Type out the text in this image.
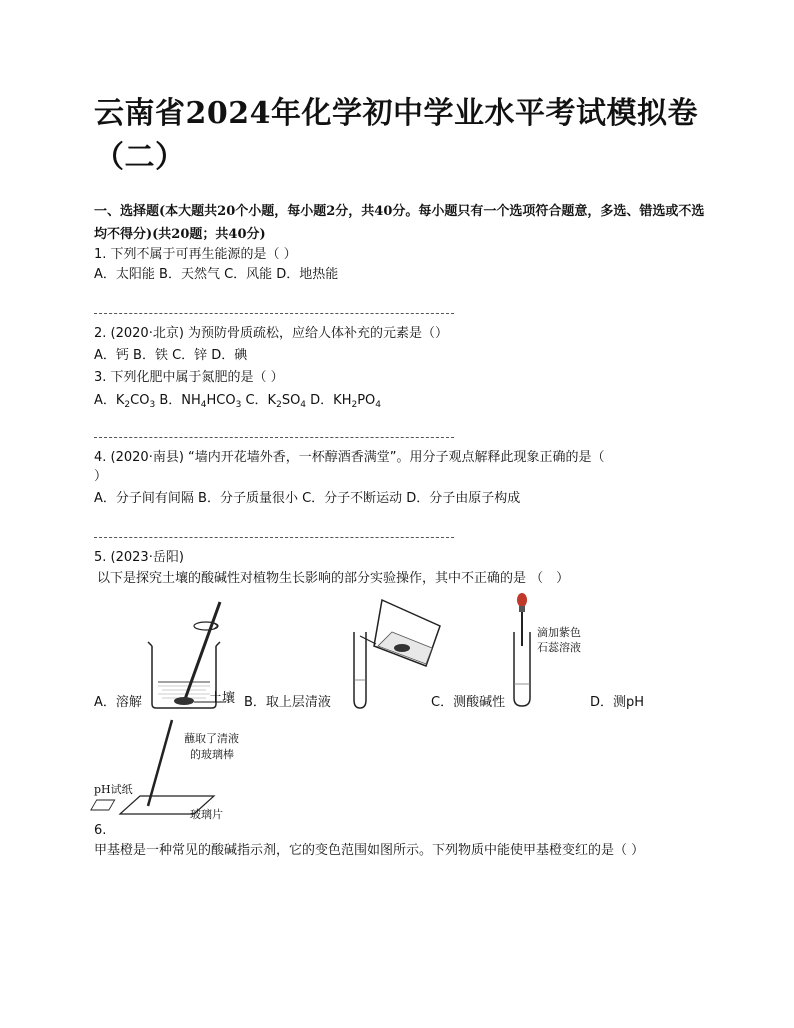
云南省2024年化学初中学业水平考试模拟卷（二）
一、选择题(本大题共20个小题，每小题2分，共40分。每小题只有一个选项符合题意，多选、错选或不选均不得分)(共20题；共40分)
1. 下列不属于可再生能源的是（ ）
A．太阳能 B．天然气 C．风能 D．地热能
2. (2020·北京) 为预防骨质疏松，应给人体补充的元素是（）
A．钙 B．铁 C．锌 D．碘
3. 下列化肥中属于氮肥的是（ ）
A．$K_2CO_3$ B．$NH_4HCO_3$ C．$K_2SO_4$ D．$KH_2PO_4$
4. (2020·南县) “墙内开花墙外香，一杯醇酒香满堂”。用分子观点解释此现象正确的是（
）
A．分子间有间隔 B．分子质量很小 C．分子不断运动 D．分子由原子构成
5. (2023·岳阳)
以下是探究土壤的酸碱性对植物生长影响的部分实验操作，其中不正确的是 （　）
A．溶解	土壤 B．取上层清液
滴加紫色
石蕊溶液
C．测酸碱性	D．测pH
蘸取了清液
的玻璃棒
pH试纸
玻璃片
6.
甲基橙是一种常见的酸碱指示剂，它的变色范围如图所示。下列物质中能使甲基橙变红的是（ ）
